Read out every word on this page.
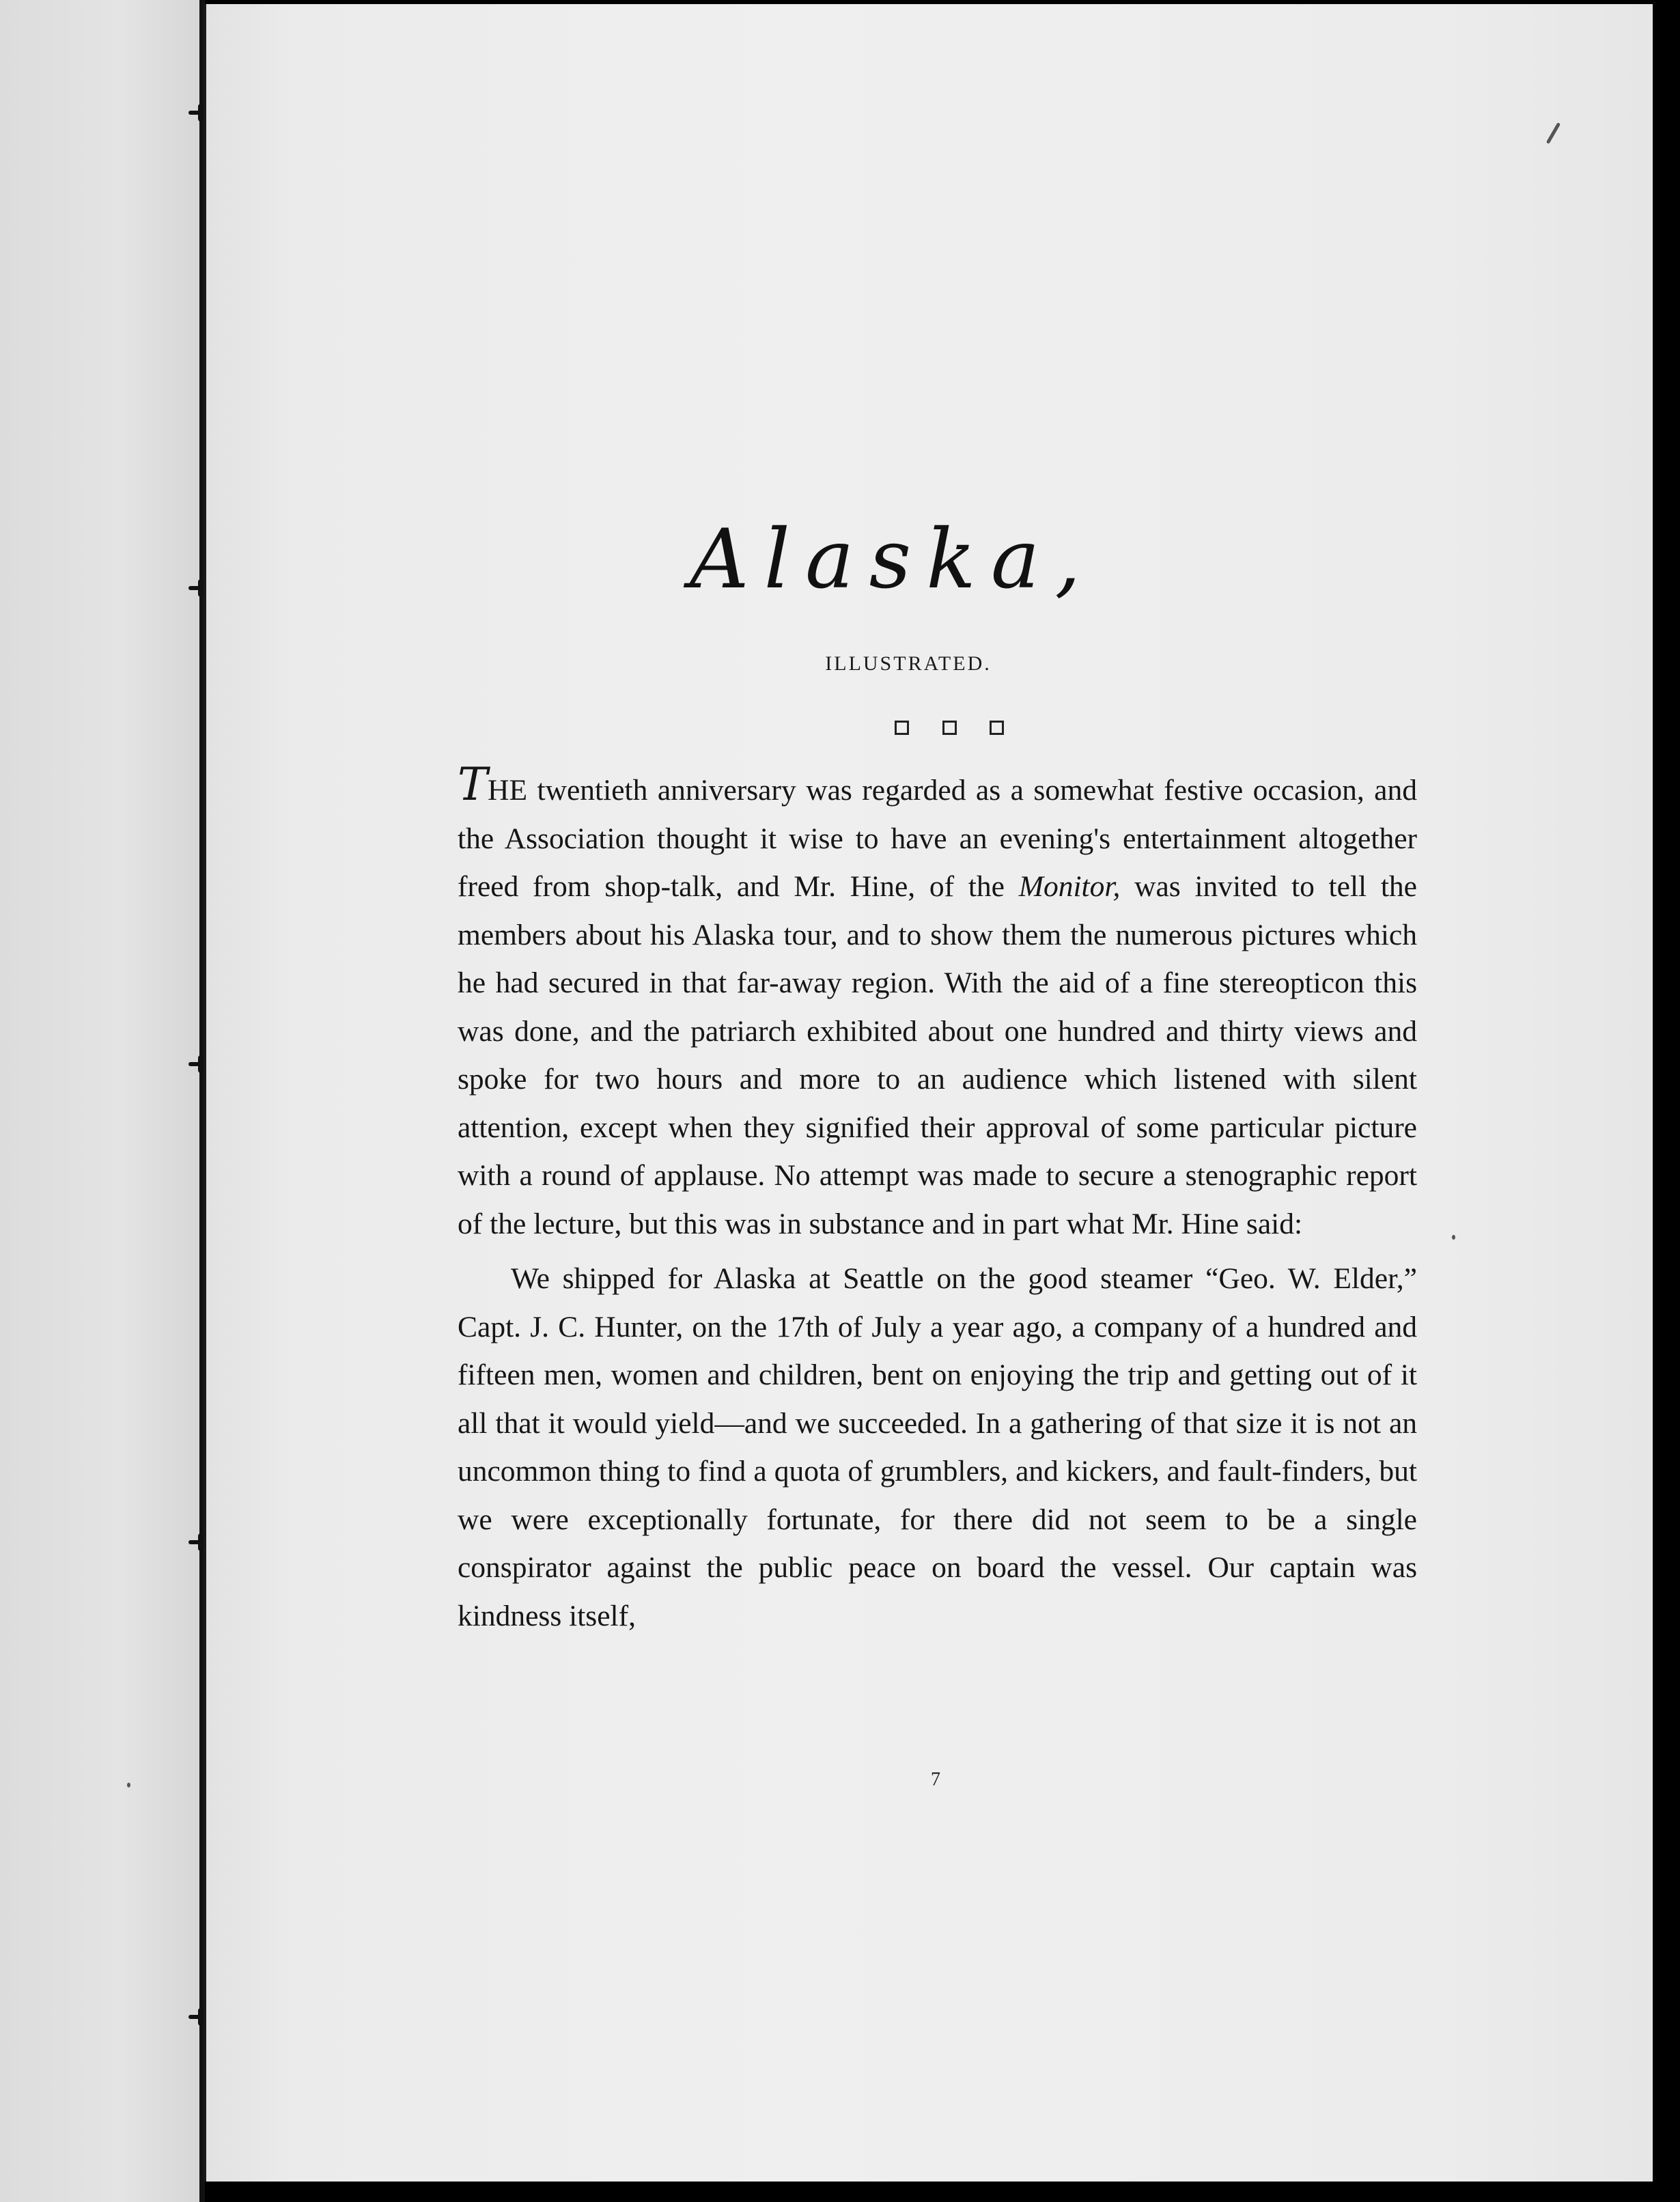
Alaska,
ILLUSTRATED.

THE twentieth anniversary was regarded as a somewhat festive occasion, and the Association thought it wise to have an evening's entertainment altogether freed from shop-talk, and Mr. Hine, of the Monitor, was invited to tell the members about his Alaska tour, and to show them the numerous pictures which he had secured in that far-away region. With the aid of a fine stereopticon this was done, and the patriarch exhibited about one hundred and thirty views and spoke for two hours and more to an audience which listened with silent attention, except when they signified their approval of some particular picture with a round of applause. No attempt was made to secure a stenographic report of the lecture, but this was in substance and in part what Mr. Hine said:

We shipped for Alaska at Seattle on the good steamer “Geo. W. Elder,” Capt. J. C. Hunter, on the 17th of July a year ago, a company of a hundred and fifteen men, women and children, bent on enjoying the trip and getting out of it all that it would yield—and we succeeded. In a gathering of that size it is not an uncommon thing to find a quota of grumblers, and kickers, and fault-finders, but we were exceptionally fortunate, for there did not seem to be a single conspirator against the public peace on board the vessel. Our captain was kindness itself,

7
